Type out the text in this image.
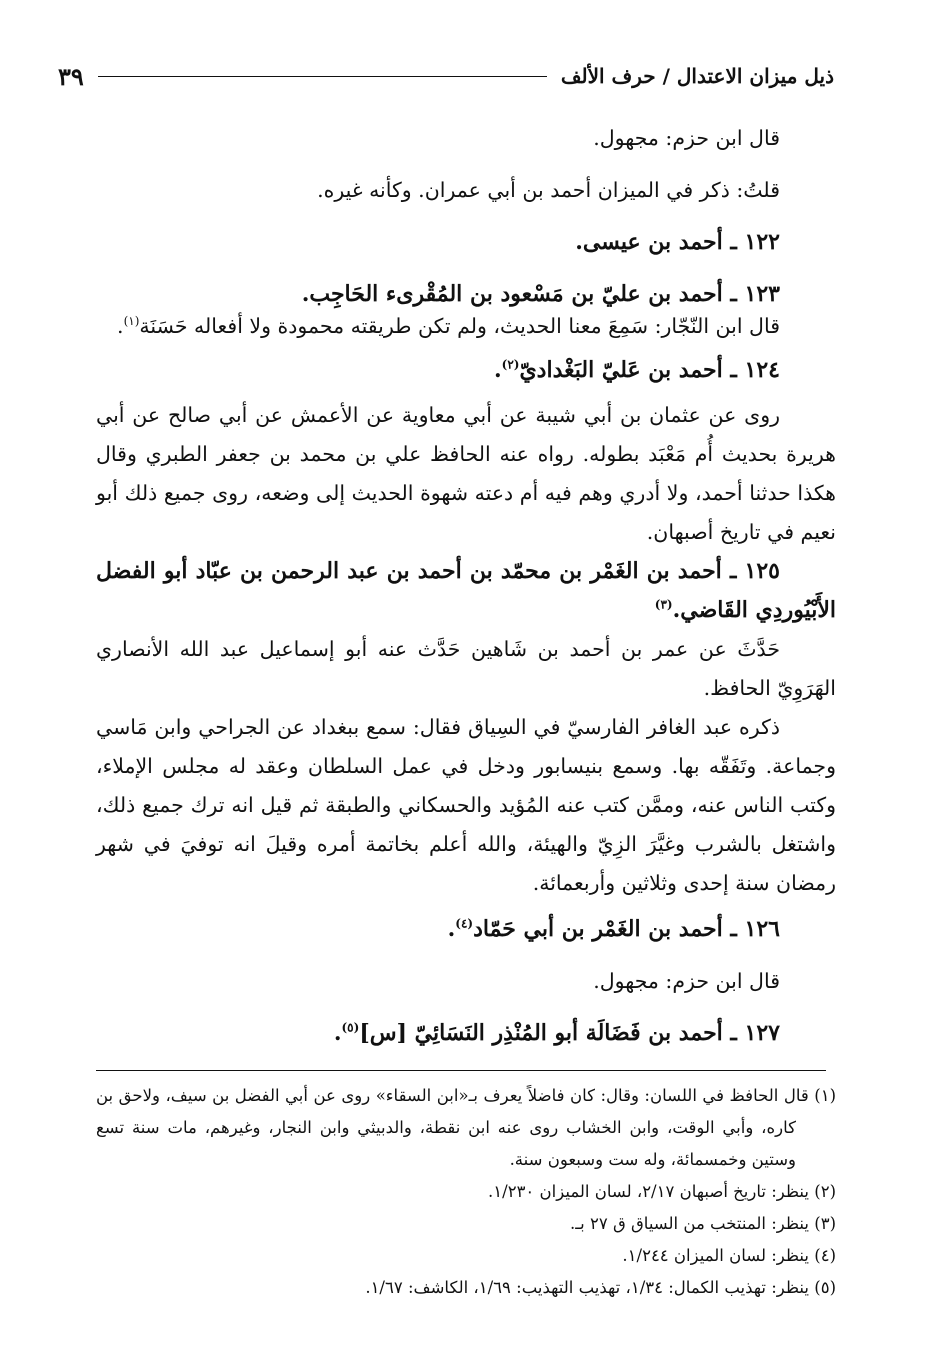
ذيل ميزان الاعتدال / حرف الألف
٣٩

قال ابن حزم: مجهول.

قلتُ: ذكر في الميزان أحمد بن أبي عمران. وكأنه غيره.

١٢٢ ـ أحمد بن عيسى.

١٢٣ ـ أحمد بن عليّ بن مَسْعود بن المُقْرىء الحَاجِب.

قال ابن النّجّار: سَمِعَ معنا الحديث، ولم تكن طريقته محمودة ولا أفعاله حَسَنَة$^{(١)}$.

١٢٤ ـ أحمد بن عَليّ البَغْداديّ$^{(٢)}$.

روى عن عثمان بن أبي شيبة عن أبي معاوية عن الأعمش عن أبي صالح عن أبي هريرة بحديث أُم مَعْبَد بطوله. رواه عنه الحافظ علي بن محمد بن جعفر الطبري وقال هكذا حدثنا أحمد، ولا أدري وهم فيه أم دعته شهوة الحديث إلى وضعه، روى جميع ذلك أبو نعيم في تاريخ أصبهان.

١٢٥ ـ أحمد بن الغَمْر بن محمّد بن أحمد بن عبد الرحمن بن عبّاد أبو الفضل الأَبْيُوردِي القَاضي.$^{(٣)}$

حَدَّثَ عن عمر بن أحمد بن شَاهين حَدَّث عنه أبو إسماعيل عبد الله الأنصاري الهَرَوِيّ الحافظ.

ذكره عبد الغافر الفارسيّ في السِياق فقال: سمع ببغداد عن الجراحي وابن مَاسي وجماعة. وتَفَقّه بها. وسمع بنيسابور ودخل في عمل السلطان وعقد له مجلس الإملاء، وكتب الناس عنه، وممَّن كتب عنه المُؤيد والحسكاني والطبقة ثم قيل انه ترك جميع ذلك، واشتغل بالشرب وغيَّرَ الزِيّ والهيئة، والله أعلم بخاتمة أمره وقيلَ انه توفيَ في شهر رمضان سنة إحدى وثلاثين وأربعمائة.

١٢٦ ـ أحمد بن الغَمْر بن أبي حَمّاد$^{(٤)}$.

قال ابن حزم: مجهول.

١٢٧ ـ أحمد بن فَضَالَة أبو المُنْذِر النَسَائِيّ [س]$^{(٥)}$.

(١) قال الحافظ في اللسان: وقال: كان فاضلاً يعرف بـ«ابن السقاء» روى عن أبي الفضل بن سيف، ولاحق بن كاره، وأبي الوقت، وابن الخشاب روى عنه ابن نقطة، والدبيثي وابن النجار، وغيرهم، مات سنة تسع وستين وخمسمائة، وله ست وسبعون سنة.

(٢) ينظر: تاريخ أصبهان ٢/١٧، لسان الميزان ١/٢٣٠.

(٣) ينظر: المنتخب من السياق ق ٢٧ بـ.

(٤) ينظر: لسان الميزان ١/٢٤٤.

(٥) ينظر: تهذيب الكمال: ١/٣٤، تهذيب التهذيب: ١/٦٩، الكاشف: ١/٦٧.
